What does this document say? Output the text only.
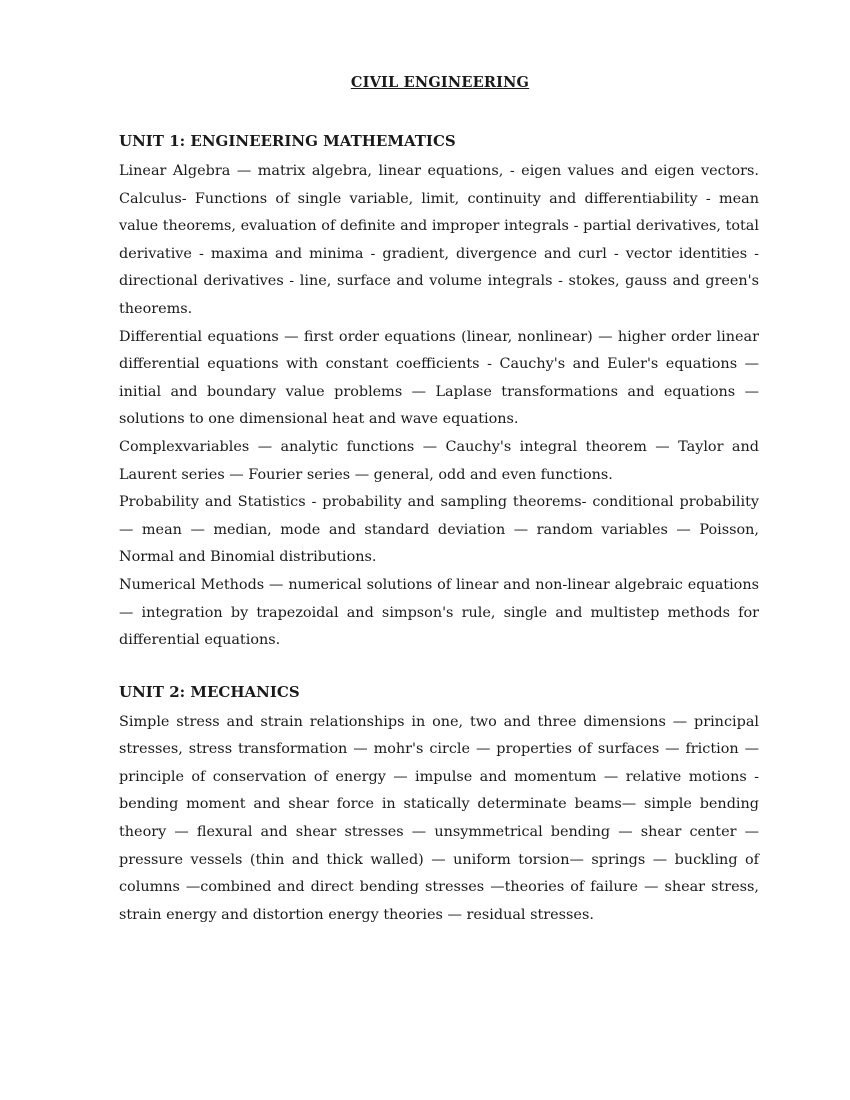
CIVIL ENGINEERING
UNIT 1: ENGINEERING MATHEMATICS

Linear Algebra — matrix algebra, linear equations, - eigen values and eigen vectors. Calculus- Functions of single variable, limit, continuity and differentiability - mean value theorems, evaluation of definite and improper integrals - partial derivatives, total derivative - maxima and minima - gradient, divergence and curl - vector identities - directional derivatives - line, surface and volume integrals - stokes, gauss and green's theorems.

Differential equations — first order equations (linear, nonlinear) — higher order linear differential equations with constant coefficients - Cauchy's and Euler's equations — initial and boundary value problems — Laplase transformations and equations — solutions to one dimensional heat and wave equations.

Complexvariables — analytic functions — Cauchy's integral theorem — Taylor and Laurent series — Fourier series — general, odd and even functions.

Probability and Statistics - probability and sampling theorems- conditional probability — mean — median, mode and standard deviation — random variables — Poisson, Normal and Binomial distributions.

Numerical Methods — numerical solutions of linear and non-linear algebraic equations — integration by trapezoidal and simpson's rule, single and multistep methods for differential equations.

UNIT 2: MECHANICS

Simple stress and strain relationships in one, two and three dimensions — principal stresses, stress transformation — mohr's circle — properties of surfaces — friction — principle of conservation of energy — impulse and momentum — relative motions - bending moment and shear force in statically determinate beams— simple bending theory — flexural and shear stresses — unsymmetrical bending — shear center — pressure vessels (thin and thick walled) — uniform torsion— springs — buckling of columns —combined and direct bending stresses —theories of failure — shear stress, strain energy and distortion energy theories — residual stresses.
